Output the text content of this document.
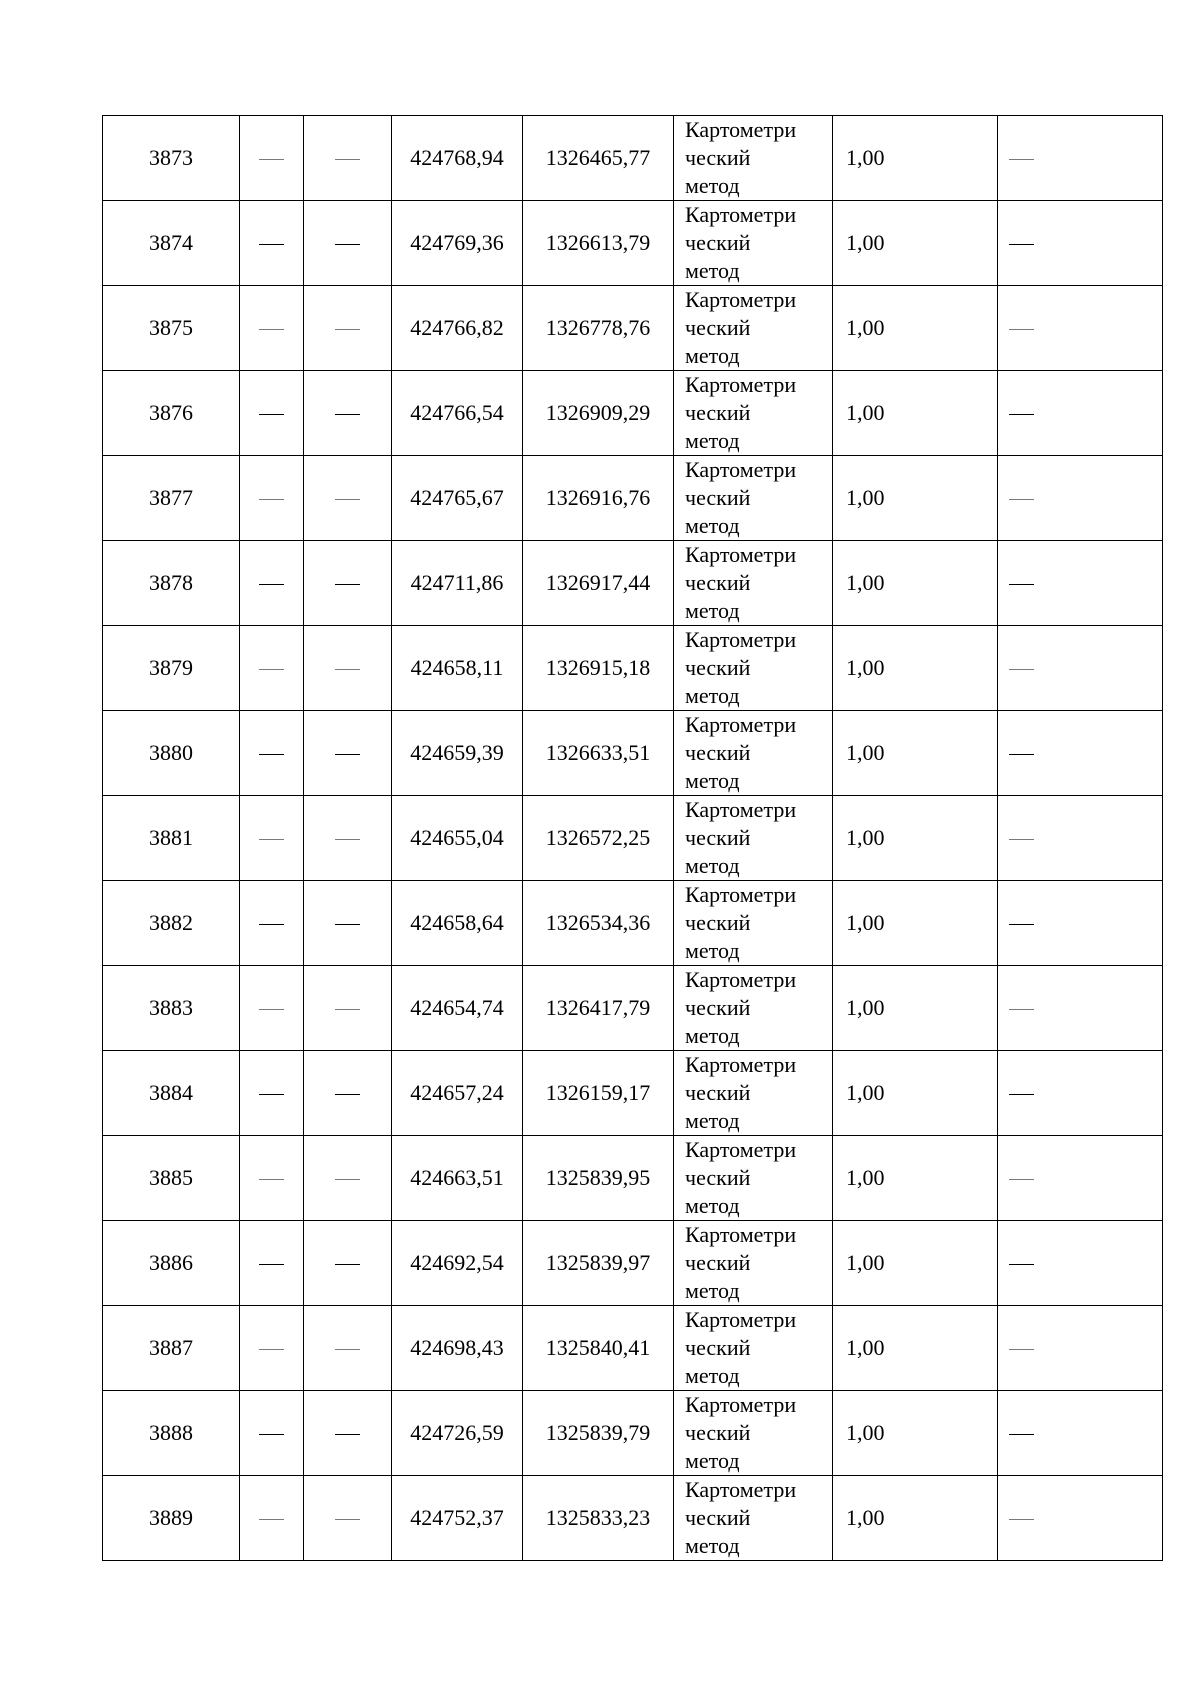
3873			424768,94	1326465,77	Картометри
ческий
метод	1,00	
3874			424769,36	1326613,79	Картометри
ческий
метод	1,00	
3875			424766,82	1326778,76	Картометри
ческий
метод	1,00	
3876			424766,54	1326909,29	Картометри
ческий
метод	1,00	
3877			424765,67	1326916,76	Картометри
ческий
метод	1,00	
3878			424711,86	1326917,44	Картометри
ческий
метод	1,00	
3879			424658,11	1326915,18	Картометри
ческий
метод	1,00	
3880			424659,39	1326633,51	Картометри
ческий
метод	1,00	
3881			424655,04	1326572,25	Картометри
ческий
метод	1,00	
3882			424658,64	1326534,36	Картометри
ческий
метод	1,00	
3883			424654,74	1326417,79	Картометри
ческий
метод	1,00	
3884			424657,24	1326159,17	Картометри
ческий
метод	1,00	
3885			424663,51	1325839,95	Картометри
ческий
метод	1,00	
3886			424692,54	1325839,97	Картометри
ческий
метод	1,00	
3887			424698,43	1325840,41	Картометри
ческий
метод	1,00	
3888			424726,59	1325839,79	Картометри
ческий
метод	1,00	
3889			424752,37	1325833,23	Картометри
ческий
метод	1,00	
